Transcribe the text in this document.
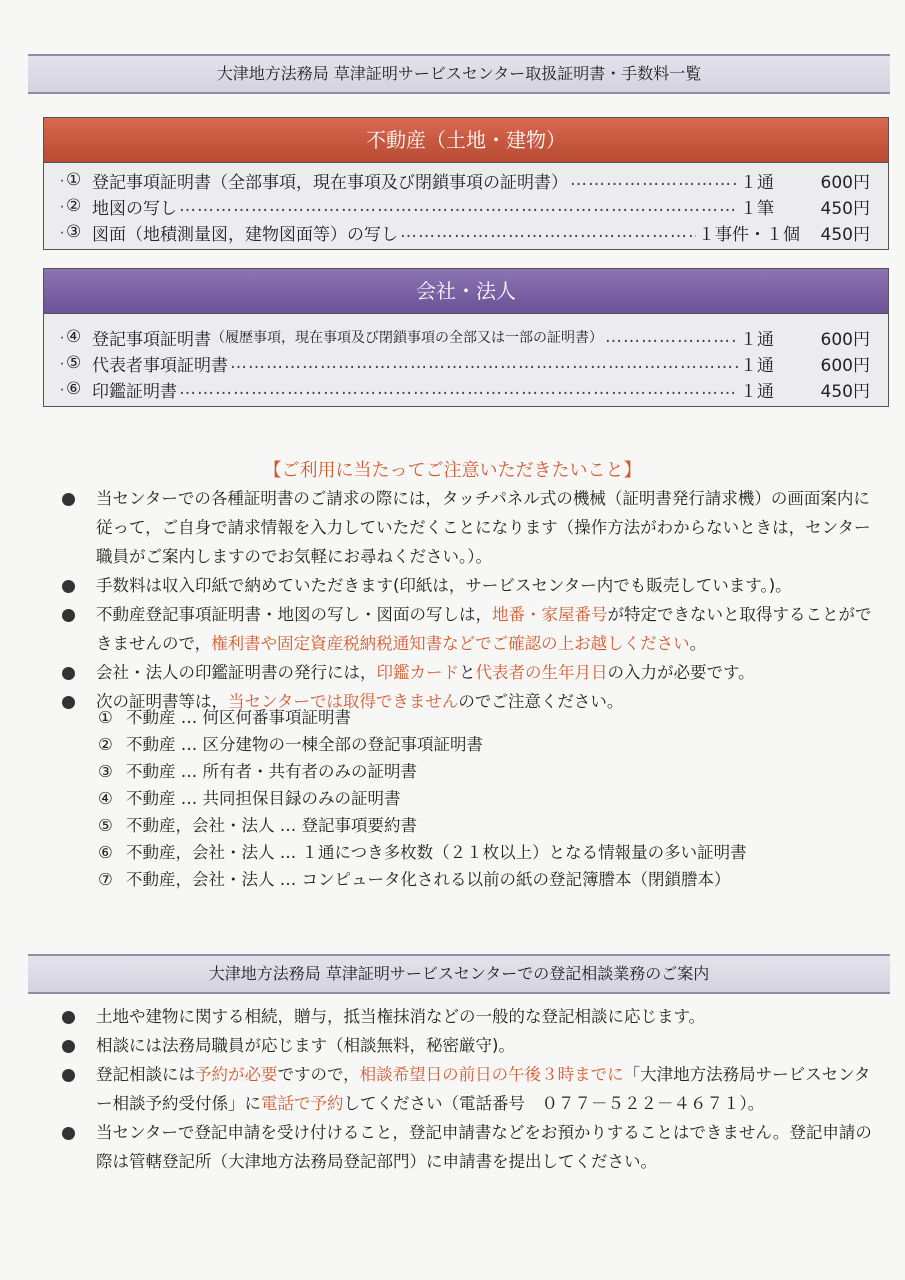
大津地方法務局 草津証明サービスセンター取扱証明書・手数料一覧
不動産（土地・建物）
・
① 登記事項証明書（全部事項，現在事項及び閉鎖事項の証明書） ……………………………………………………………………………………………………	１通	600円
・
② 地図の写し ……………………………………………………………………………………………………	１筆	450円
・
③ 図面（地積測量図，建物図面等）の写し ……………………………………………………………………………………………………	１事件・１個	450円
会社・法人
・
④ 登記事項証明書 （履歴事項，現在事項及び閉鎖事項の全部又は一部の証明書） ……………………………………………………………………………………………………	１通	600円
・
⑤ 代表者事項証明書 ……………………………………………………………………………………………………	１通	600円
・
⑥ 印鑑証明書 ……………………………………………………………………………………………………	１通	450円
【ご利用に当たってご注意いただきたいこと】

当センターでの各種証明書のご請求の際には，タッチパネル式の機械（証明書発行請求機）の画面案内に従って，ご自身で請求情報を入力していただくことになります（操作方法がわからないときは，センター職員がご案内しますのでお気軽にお尋ねください。）。

手数料は収入印紙で納めていただきます(印紙は，サービスセンター内でも販売しています。)。

不動産登記事項証明書・地図の写し・図面の写しは，地番・家屋番号が特定できないと取得することができませんので，権利書や固定資産税納税通知書などでご確認の上お越しください。

会社・法人の印鑑証明書の発行には，印鑑カードと代表者の生年月日の入力が必要です。

次の証明書等は，当センターでは取得できませんのでご注意ください。

① 不動産 … 何区何番事項証明書
② 不動産 … 区分建物の一棟全部の登記事項証明書
③ 不動産 … 所有者・共有者のみの証明書
④ 不動産 … 共同担保目録のみの証明書
⑤ 不動産，会社・法人 … 登記事項要約書
⑥ 不動産，会社・法人 … １通につき多枚数（２１枚以上）となる情報量の多い証明書
⑦ 不動産，会社・法人 … コンピュータ化される以前の紙の登記簿謄本（閉鎖謄本）
大津地方法務局 草津証明サービスセンターでの登記相談業務のご案内

土地や建物に関する相続，贈与，抵当権抹消などの一般的な登記相談に応じます。

相談には法務局職員が応じます（相談無料，秘密厳守)。

登記相談には予約が必要ですので，相談希望日の前日の午後３時までに「大津地方法務局サービスセンター相談予約受付係」に電話で予約してください（電話番号　０７７－５２２－４６７１）。

当センターで登記申請を受け付けること，登記申請書などをお預かりすることはできません。登記申請の際は管轄登記所（大津地方法務局登記部門）に申請書を提出してください。
